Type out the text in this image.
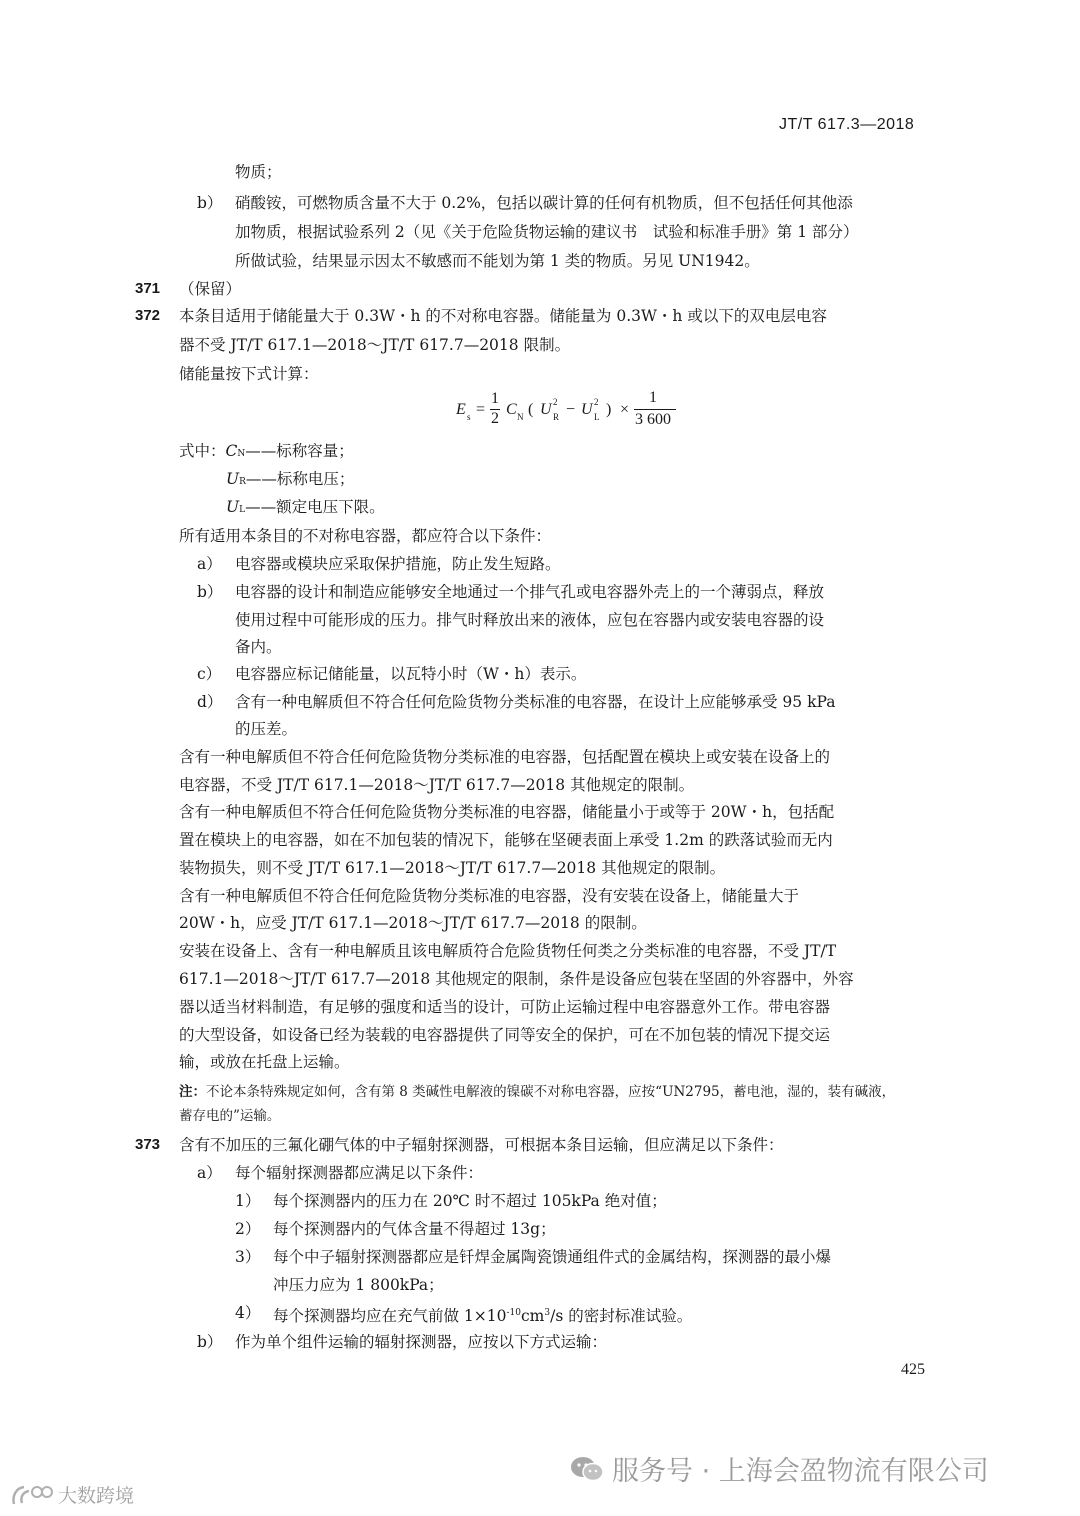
JT/T 617.3—2018
物质；
b） 硝酸铵，可燃物质含量不大于 0.2%，包括以碳计算的任何有机物质，但不包括任何其他添
加物质，根据试验系列 2（见《关于危险货物运输的建议书　试验和标准手册》第 1 部分）
所做试验，结果显示因太不敏感而不能划为第 1 类的物质。另见 UN1942。
371 （保留）
372 本条目适用于储能量大于 0.3W・h 的不对称电容器。储能量为 0.3W・h 或以下的双电层电容
器不受 JT/T 617.1—2018～JT/T 617.7—2018 限制。
储能量按下式计算：
E s =
1
2
C N ( U 2
R − U 2
L ) ×
1
3 600
式中：CN——标称容量；
UR——标称电压；
UL——额定电压下限。
所有适用本条目的不对称电容器，都应符合以下条件：
a） 电容器或模块应采取保护措施，防止发生短路。
b） 电容器的设计和制造应能够安全地通过一个排气孔或电容器外壳上的一个薄弱点，释放
使用过程中可能形成的压力。排气时释放出来的液体，应包在容器内或安装电容器的设
备内。
c） 电容器应标记储能量，以瓦特小时（W・h）表示。
d） 含有一种电解质但不符合任何危险货物分类标准的电容器，在设计上应能够承受 95 kPa
的压差。
含有一种电解质但不符合任何危险货物分类标准的电容器，包括配置在模块上或安装在设备上的
电容器，不受 JT/T 617.1—2018～JT/T 617.7—2018 其他规定的限制。
含有一种电解质但不符合任何危险货物分类标准的电容器，储能量小于或等于 20W・h，包括配
置在模块上的电容器，如在不加包装的情况下，能够在坚硬表面上承受 1.2m 的跌落试验而无内
装物损失，则不受 JT/T 617.1—2018～JT/T 617.7—2018 其他规定的限制。
含有一种电解质但不符合任何危险货物分类标准的电容器，没有安装在设备上，储能量大于
20W・h，应受 JT/T 617.1—2018～JT/T 617.7—2018 的限制。
安装在设备上、含有一种电解质且该电解质符合危险货物任何类之分类标准的电容器，不受 JT/T
617.1—2018～JT/T 617.7—2018 其他规定的限制，条件是设备应包装在坚固的外容器中，外容
器以适当材料制造，有足够的强度和适当的设计，可防止运输过程中电容器意外工作。带电容器
的大型设备，如设备已经为装载的电容器提供了同等安全的保护，可在不加包装的情况下提交运
输，或放在托盘上运输。
注：不论本条特殊规定如何，含有第 8 类碱性电解液的镍碳不对称电容器，应按“UN2795，蓄电池，湿的，装有碱液，
蓄存电的”运输。
373 含有不加压的三氟化硼气体的中子辐射探测器，可根据本条目运输，但应满足以下条件：
a） 每个辐射探测器都应满足以下条件：
1） 每个探测器内的压力在 20℃ 时不超过 105kPa 绝对值；
2） 每个探测器内的气体含量不得超过 13g；
3） 每个中子辐射探测器都应是钎焊金属陶瓷馈通组件式的金属结构，探测器的最小爆
冲压力应为 1 800kPa；
4） 每个探测器均应在充气前做 $1\times 10^{-10}cm^3/s$ 的密封标准试验。
b） 作为单个组件运输的辐射探测器，应按以下方式运输：
425
服务号 · 上海会盈物流有限公司
大数跨境
